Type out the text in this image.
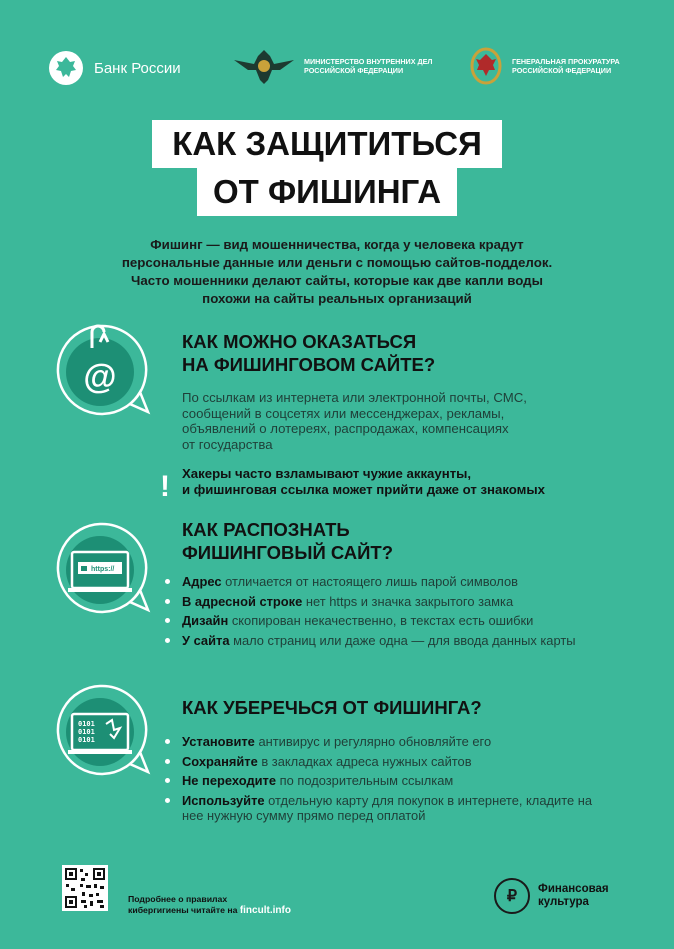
Банк России	МИНИСТЕРСТВО ВНУТРЕННИХ ДЕЛ
РОССИЙСКОЙ ФЕДЕРАЦИИ
ГЕНЕРАЛЬНАЯ ПРОКУРАТУРА
РОССИЙСКОЙ ФЕДЕРАЦИИ
КАК ЗАЩИТИТЬСЯ
ОТ ФИШИНГА
Фишинг — вид мошенничества, когда у человека крадут
персональные данные или деньги с помощью сайтов-подделок.
Часто мошенники делают сайты, которые как две капли воды
похожи на сайты реальных организаций
@
КАК МОЖНО ОКАЗАТЬСЯ
НА ФИШИНГОВОМ САЙТЕ?
По ссылкам из интернета или электронной почты, СМС,
сообщений в соцсетях или мессенджерах, рекламы,
объявлений о лотереях, распродажах, компенсациях
от государства
! Хакеры часто взламывают чужие аккаунты,
и фишинговая ссылка может прийти даже от знакомых
https://
КАК РАСПОЗНАТЬ
ФИШИНГОВЫЙ САЙТ?
Адрес отличается от настоящего лишь парой символов
В адресной строке нет https и значка закрытого замка
Дизайн скопирован некачественно, в текстах есть ошибки
У сайта мало страниц или даже одна — для ввода данных карты
0101
0101
0101
КАК УБЕРЕЧЬСЯ ОТ ФИШИНГА?
Установите антивирус и регулярно обновляйте его
Сохраняйте в закладках адреса нужных сайтов
Не переходите по подозрительным ссылкам
Используйте отдельную карту для покупок в интернете, кладите на нее нужную сумму прямо перед оплатой
Подробнее о правилах
кибергигиены читайте на fincult.info
₽	Финансовая
культура
